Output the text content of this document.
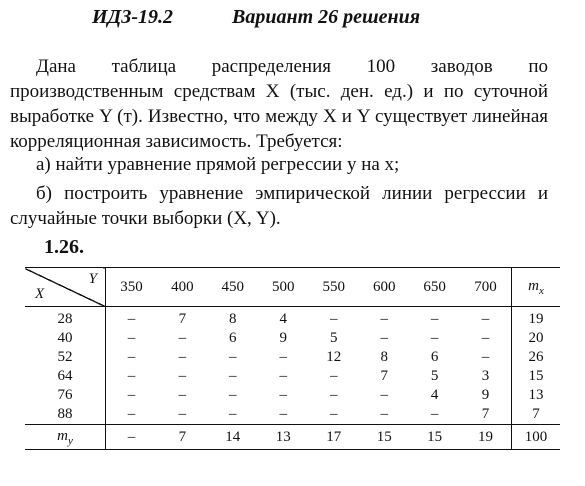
ИДЗ-19.2	Вариант 26 решения
Дана таблица распределения 100 заводов по производственным средствам X (тыс. ден. ед.) и по суточной выработке Y (т). Известно, что между X и Y существует линейная корреляционная зависимость. Требуется:
а) найти уравнение прямой регрессии y на x;
б) построить уравнение эмпирической линии регрессии и случайные точки выборки (X, Y).
1.26.
Y
X	350	400	450	500	550	600	650	700	$m_x$
28	–	7	8	4	–	–	–	–	19
40	–	–	6	9	5	–	–	–	20
52	–	–	–	–	12	8	6	–	26
64	–	–	–	–	–	7	5	3	15
76	–	–	–	–	–	–	4	9	13
88	–	–	–	–	–	–	–	7	7
$m_y$	–	7	14	13	17	15	15	19	100
